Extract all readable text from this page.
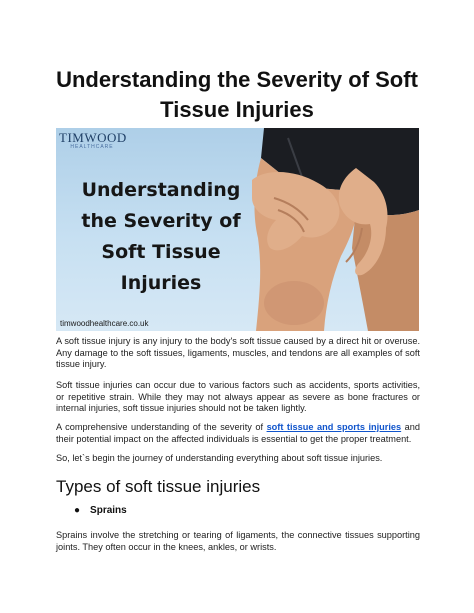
Understanding the Severity of Soft Tissue Injuries
TIMWOOD
HEALTHCARE
Understanding
the Severity of
Soft Tissue
Injuries
timwoodhealthcare.co.uk

A soft tissue injury is any injury to the body's soft tissue caused by a direct hit or overuse. Any damage to the soft tissues, ligaments, muscles, and tendons are all examples of soft tissue injury.

Soft tissue injuries can occur due to various factors such as accidents, sports activities, or repetitive strain. While they may not always appear as severe as bone fractures or internal injuries, soft tissue injuries should not be taken lightly.

A comprehensive understanding of the severity of soft tissue and sports injuries and their potential impact on the affected individuals is essential to get the proper treatment.

So, let`s begin the journey of understanding everything about soft tissue injuries.

Types of soft tissue injuries
● Sprains

Sprains involve the stretching or tearing of ligaments, the connective tissues supporting joints. They often occur in the knees, ankles, or wrists.
